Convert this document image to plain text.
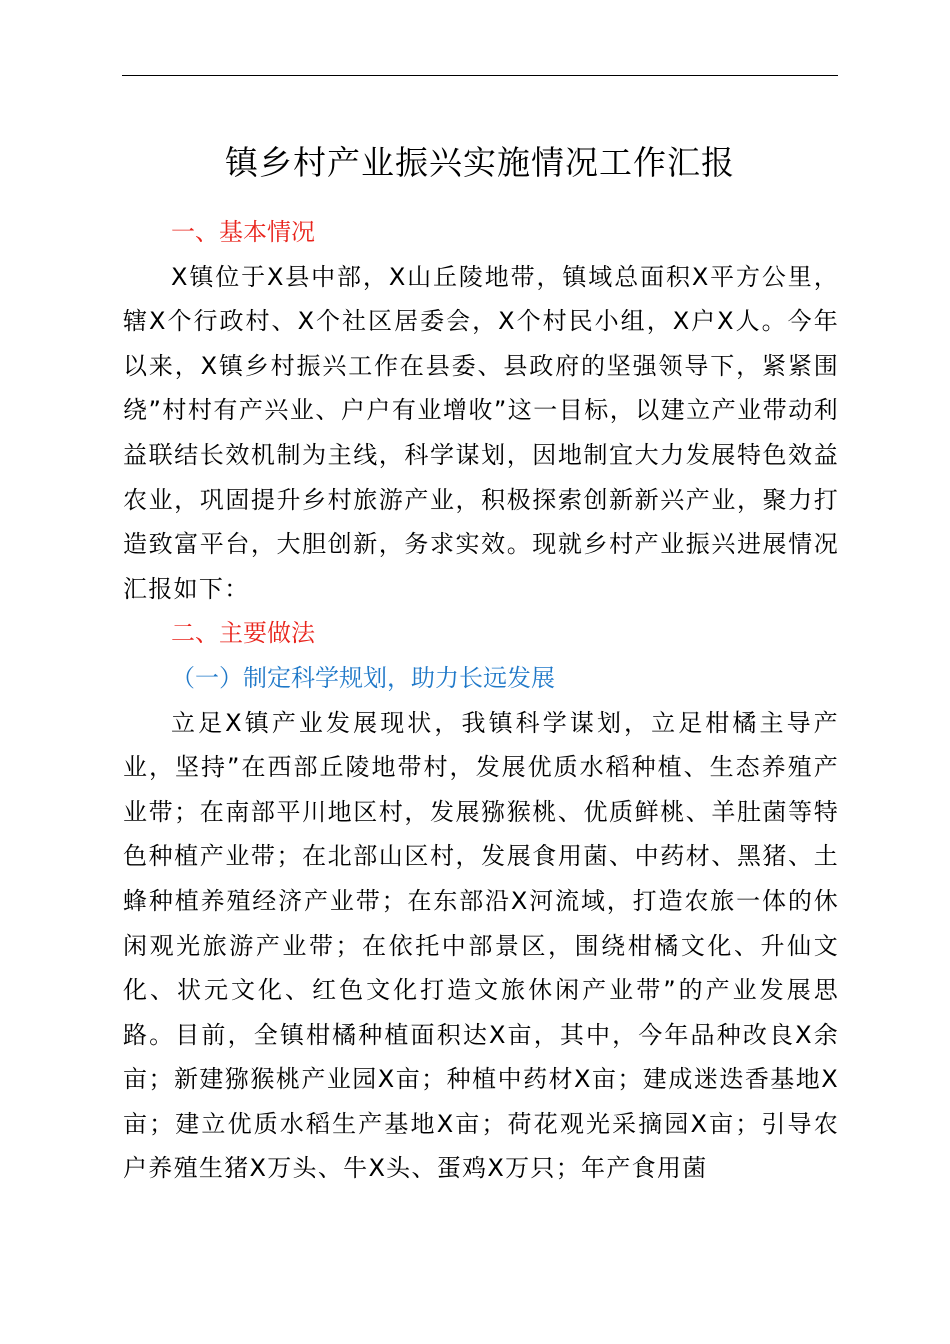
镇乡村产业振兴实施情况工作汇报
一、基本情况

X镇位于X县中部，X山丘陵地带，镇域总面积X平方公里，辖X个行政村、X个社区居委会，X个村民小组，X户X人。今年以来，X镇乡村振兴工作在县委、县政府的坚强领导下，紧紧围绕”村村有产兴业、户户有业增收”这一目标，以建立产业带动利益联结长效机制为主线，科学谋划，因地制宜大力发展特色效益农业，巩固提升乡村旅游产业，积极探索创新新兴产业，聚力打造致富平台，大胆创新，务求实效。现就乡村产业振兴进展情况汇报如下：

二、主要做法
（一）制定科学规划，助力长远发展

立足X镇产业发展现状，我镇科学谋划，立足柑橘主导产业，坚持”在西部丘陵地带村，发展优质水稻种植、生态养殖产业带；在南部平川地区村，发展猕猴桃、优质鲜桃、羊肚菌等特色种植产业带；在北部山区村，发展食用菌、中药材、黑猪、土蜂种植养殖经济产业带；在东部沿X河流域，打造农旅一体的休闲观光旅游产业带；在依托中部景区，围绕柑橘文化、升仙文化、状元文化、红色文化打造文旅休闲产业带”的产业发展思路。目前，全镇柑橘种植面积达X亩，其中，今年品种改良X余亩；新建猕猴桃产业园X亩；种植中药材X亩；建成迷迭香基地X亩；建立优质水稻生产基地X亩；荷花观光采摘园X亩；引导农户养殖生猪X万头、牛X头、蛋鸡X万只；年产食用菌
